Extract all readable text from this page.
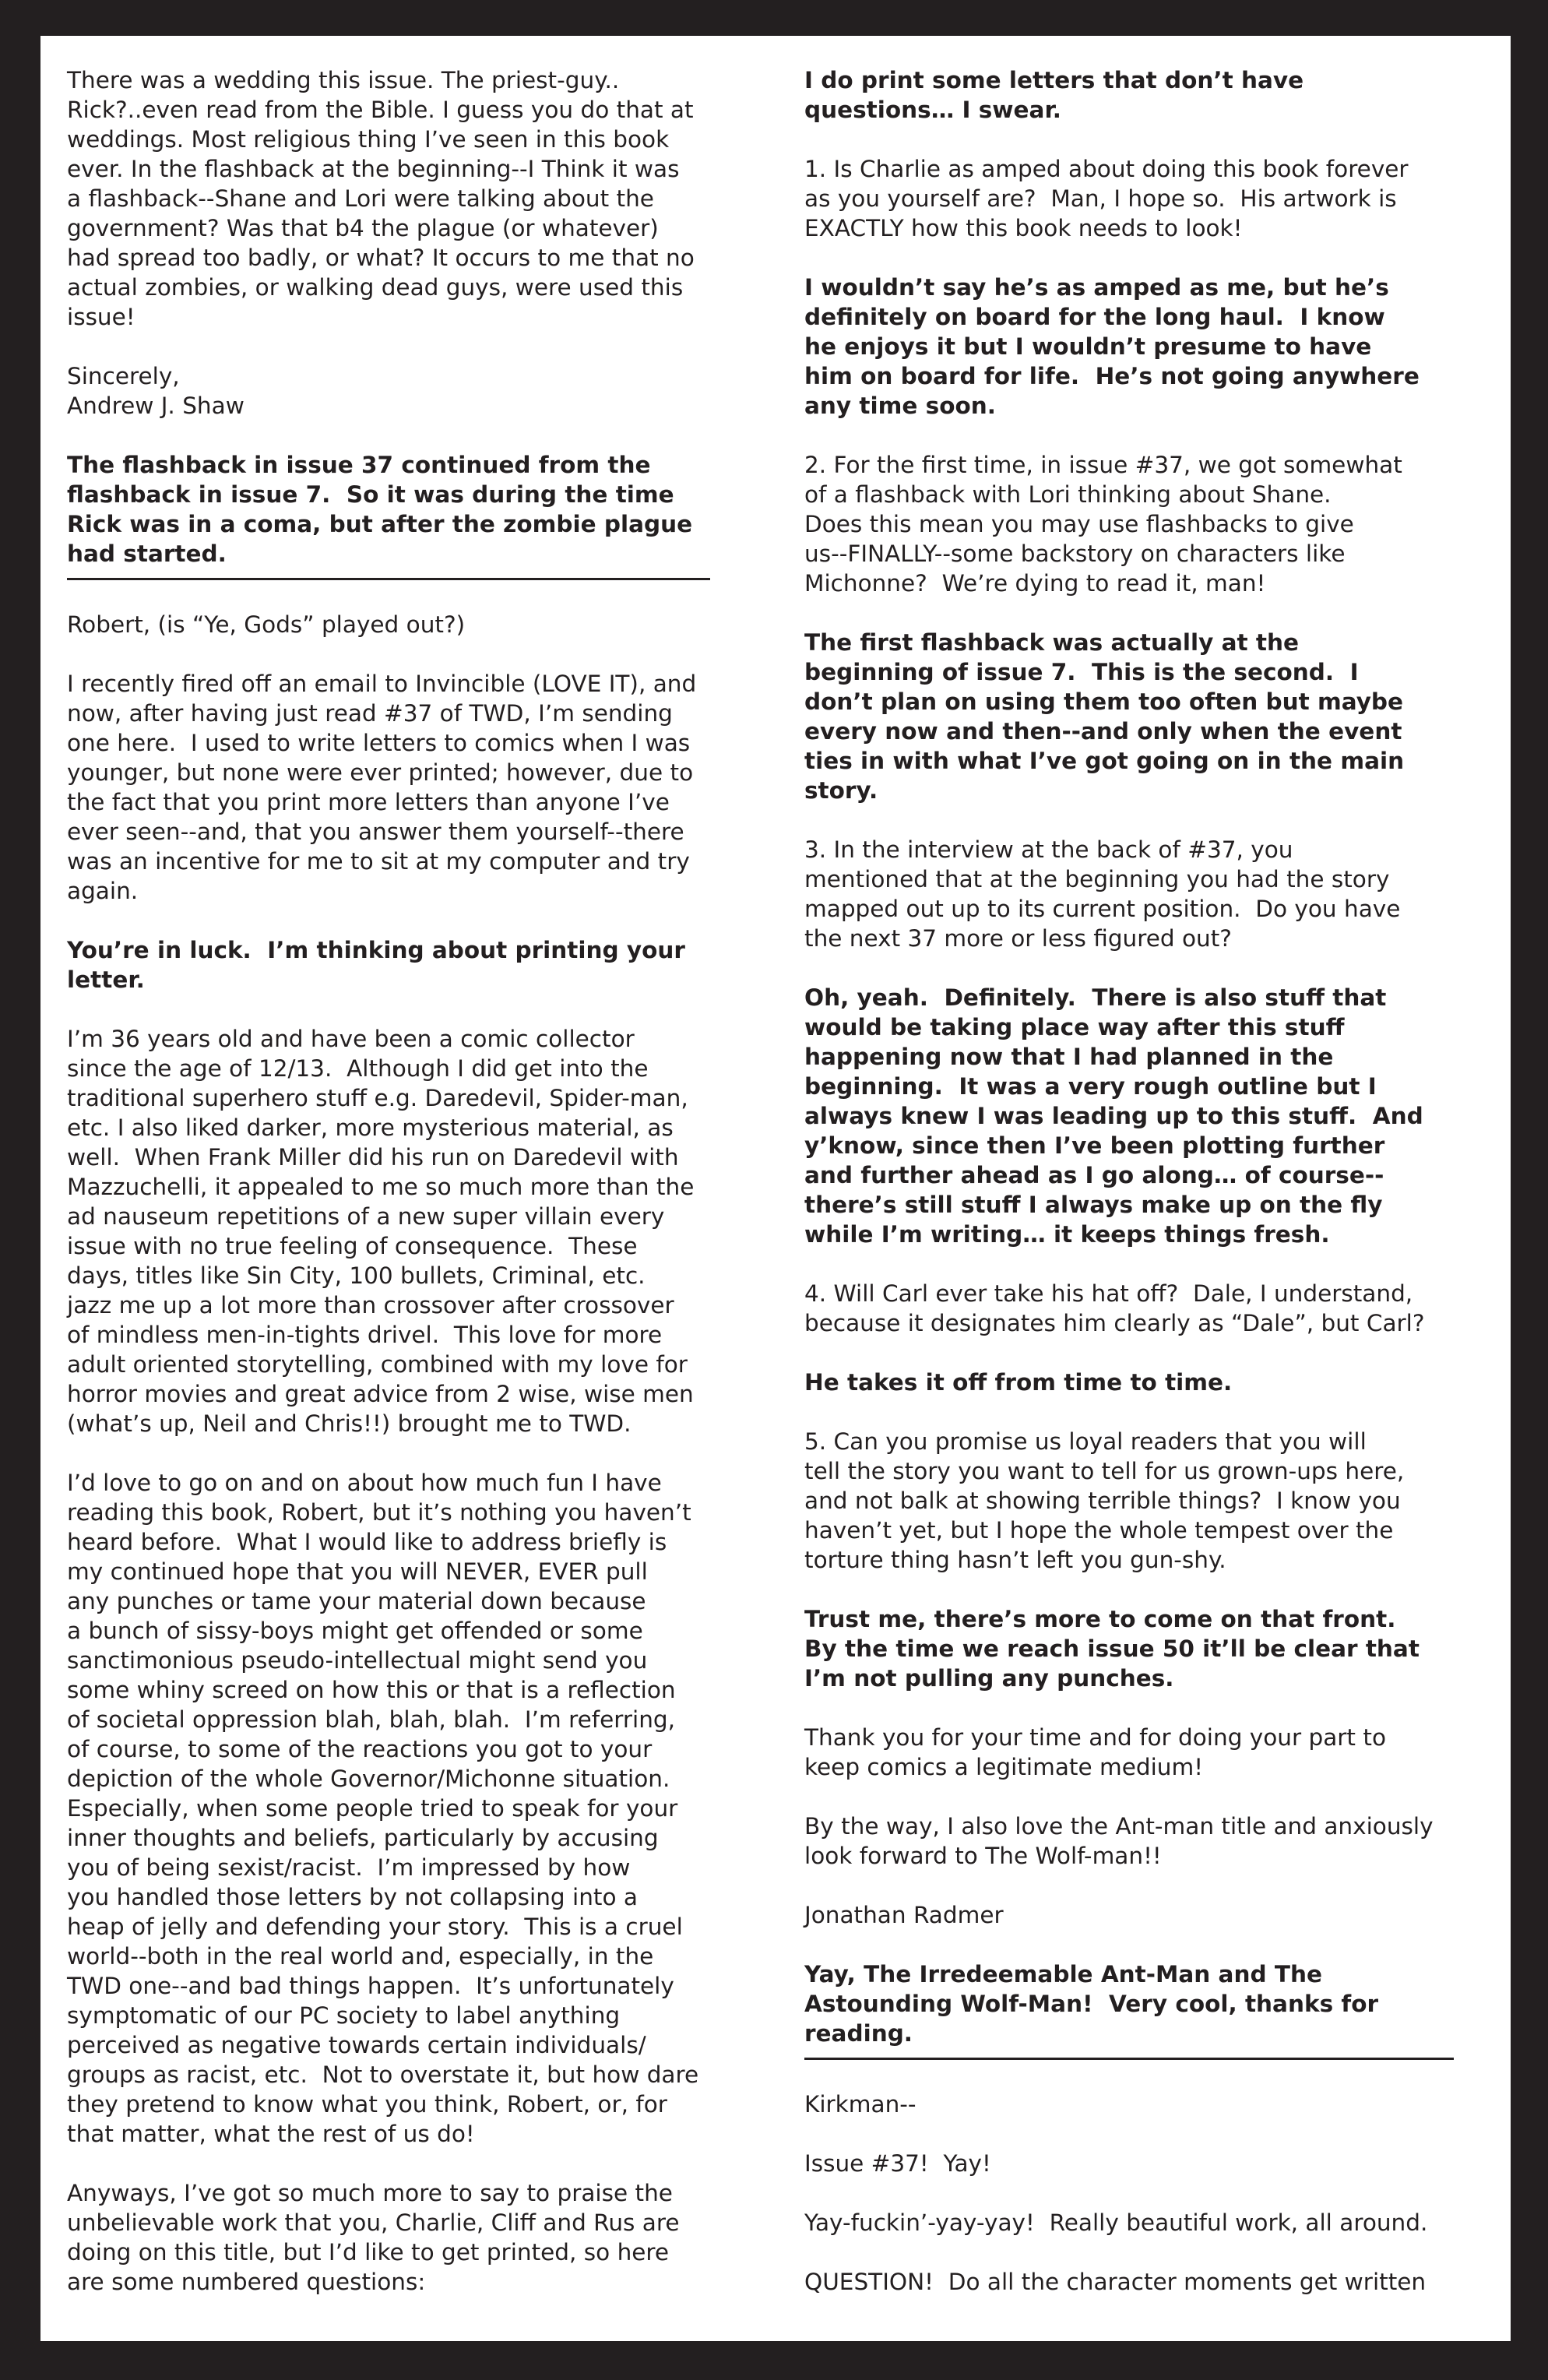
There was a wedding this issue. The priest-guy..
Rick?..even read from the Bible. I guess you do that at
weddings. Most religious thing I’ve seen in this book
ever. In the flashback at the beginning--I Think it was
a flashback--Shane and Lori were talking about the
government? Was that b4 the plague (or whatever)
had spread too badly, or what? It occurs to me that no
actual zombies, or walking dead guys, were used this
issue!
Sincerely,
Andrew J. Shaw
The flashback in issue 37 continued from the
flashback in issue 7.  So it was during the time
Rick was in a coma, but after the zombie plague
had started.
Robert, (is “Ye, Gods” played out?)
I recently fired off an email to Invincible (LOVE IT), and
now, after having just read #37 of TWD, I’m sending
one here.  I used to write letters to comics when I was
younger, but none were ever printed; however, due to
the fact that you print more letters than anyone I’ve
ever seen--and, that you answer them yourself--there
was an incentive for me to sit at my computer and try
again.
You’re in luck.  I’m thinking about printing your
letter.
I’m 36 years old and have been a comic collector
since the age of 12/13.  Although I did get into the
traditional superhero stuff e.g. Daredevil, Spider-man,
etc. I also liked darker, more mysterious material, as
well.  When Frank Miller did his run on Daredevil with
Mazzuchelli, it appealed to me so much more than the
ad nauseum repetitions of a new super villain every
issue with no true feeling of consequence.  These
days, titles like Sin City, 100 bullets, Criminal, etc.
jazz me up a lot more than crossover after crossover
of mindless men-in-tights drivel.  This love for more
adult oriented storytelling, combined with my love for
horror movies and great advice from 2 wise, wise men
(what’s up, Neil and Chris!!) brought me to TWD.
I’d love to go on and on about how much fun I have
reading this book, Robert, but it’s nothing you haven’t
heard before.  What I would like to address briefly is
my continued hope that you will NEVER, EVER pull
any punches or tame your material down because
a bunch of sissy-boys might get offended or some
sanctimonious pseudo-intellectual might send you
some whiny screed on how this or that is a reflection
of societal oppression blah, blah, blah.  I’m referring,
of course, to some of the reactions you got to your
depiction of the whole Governor/Michonne situation.
Especially, when some people tried to speak for your
inner thoughts and beliefs, particularly by accusing
you of being sexist/racist.  I’m impressed by how
you handled those letters by not collapsing into a
heap of jelly and defending your story.  This is a cruel
world--both in the real world and, especially, in the
TWD one--and bad things happen.  It’s unfortunately
symptomatic of our PC society to label anything
perceived as negative towards certain individuals/
groups as racist, etc.  Not to overstate it, but how dare
they pretend to know what you think, Robert, or, for
that matter, what the rest of us do!
Anyways, I’ve got so much more to say to praise the
unbelievable work that you, Charlie, Cliff and Rus are
doing on this title, but I’d like to get printed, so here
are some numbered questions:
I do print some letters that don’t have
questions… I swear.
1. Is Charlie as amped about doing this book forever
as you yourself are?  Man, I hope so.  His artwork is
EXACTLY how this book needs to look!
I wouldn’t say he’s as amped as me, but he’s
definitely on board for the long haul.  I know
he enjoys it but I wouldn’t presume to have
him on board for life.  He’s not going anywhere
any time soon.
2. For the first time, in issue #37, we got somewhat
of a flashback with Lori thinking about Shane.
Does this mean you may use flashbacks to give
us--FINALLY--some backstory on characters like
Michonne?  We’re dying to read it, man!
The first flashback was actually at the
beginning of issue 7.  This is the second.  I
don’t plan on using them too often but maybe
every now and then--and only when the event
ties in with what I’ve got going on in the main
story.
3. In the interview at the back of #37, you
mentioned that at the beginning you had the story
mapped out up to its current position.  Do you have
the next 37 more or less figured out?
Oh, yeah.  Definitely.  There is also stuff that
would be taking place way after this stuff
happening now that I had planned in the
beginning.  It was a very rough outline but I
always knew I was leading up to this stuff.  And
y’know, since then I’ve been plotting further
and further ahead as I go along… of course--
there’s still stuff I always make up on the fly
while I’m writing… it keeps things fresh.
4. Will Carl ever take his hat off?  Dale, I understand,
because it designates him clearly as “Dale”, but Carl?
He takes it off from time to time.
5. Can you promise us loyal readers that you will
tell the story you want to tell for us grown-ups here,
and not balk at showing terrible things?  I know you
haven’t yet, but I hope the whole tempest over the
torture thing hasn’t left you gun-shy.
Trust me, there’s more to come on that front.
By the time we reach issue 50 it’ll be clear that
I’m not pulling any punches.
Thank you for your time and for doing your part to
keep comics a legitimate medium!
By the way, I also love the Ant-man title and anxiously
look forward to The Wolf-man!!
Jonathan Radmer
Yay, The Irredeemable Ant-Man and The
Astounding Wolf-Man!  Very cool, thanks for
reading.
Kirkman--
Issue #37!  Yay!
Yay-fuckin’-yay-yay!  Really beautiful work, all around.
QUESTION!  Do all the character moments get written
